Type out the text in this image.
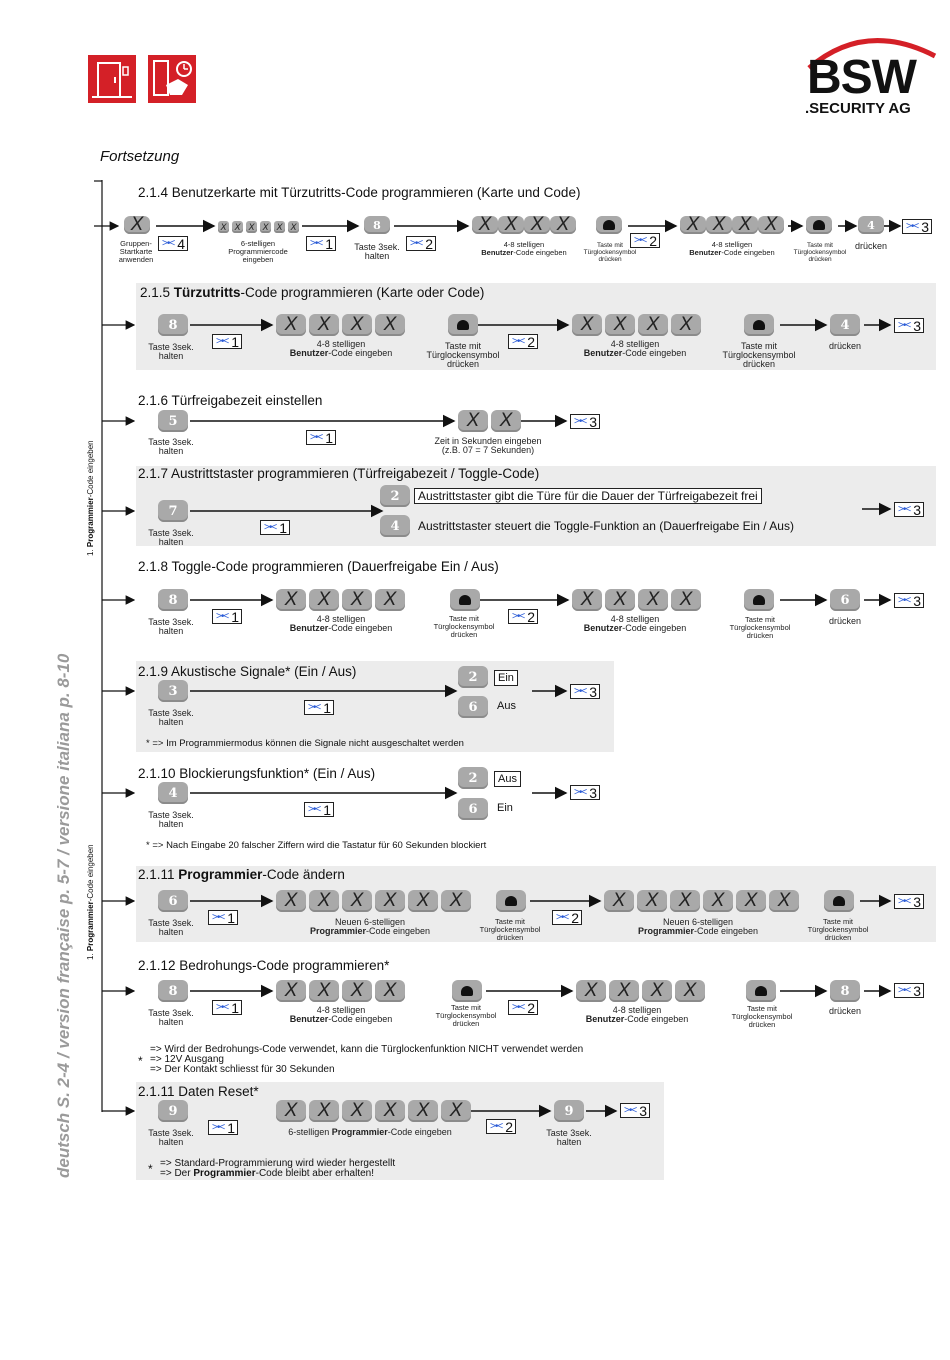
BSW
.SECURITY AG
Fortsetzung
deutsch S. 2-4 / version française p. 5-7 / versione italiana p. 8-10
1. Programmier-Code eingeben
1. Programmier-Code eingeben
2.1.4 Benutzerkarte mit Türzutritts-Code programmieren (Karte und Code)
X
Gruppen-
Startkarte
anwenden
>•< 4
X X X X X X
6-stelligen
Programmiercode
eingeben
>•< 1
8
Taste 3sek.
halten
>•< 2
X X X X
4-8 stelligen
Benutzer-Code eingeben
Taste mit
Türglockensymbol
drücken
>•< 2
X X X X
4-8 stelligen
Benutzer-Code eingeben
Taste mit
Türglockensymbol
drücken
4
drücken
>•< 3
2.1.5 Türzutritts-Code programmieren (Karte oder Code)
8
Taste 3sek.
halten
>•< 1
X	X	X	X
4-8 stelligen
Benutzer-Code eingeben
Taste mit
Türglockensymbol
drücken
>•< 2
X	X	X	X
4-8 stelligen
Benutzer-Code eingeben
Taste mit
Türglockensymbol
drücken
4
drücken
>•< 3
2.1.6 Türfreigabezeit einstellen
5
Taste 3sek.
halten
>•< 1
X	X
Zeit in Sekunden eingeben
(z.B. 07 = 7 Sekunden)
>•< 3
2.1.7 Austrittstaster programmieren (Türfreigabezeit / Toggle-Code)
7
Taste 3sek.
halten
>•< 1
2	Austrittstaster gibt die Türe für die Dauer der Türfreigabezeit frei
4	Austrittstaster steuert die Toggle-Funktion an (Dauerfreigabe Ein / Aus)
>•< 3
2.1.8 Toggle-Code programmieren (Dauerfreigabe Ein / Aus)
8
Taste 3sek.
halten
>•< 1
X	X	X	X
4-8 stelligen
Benutzer-Code eingeben
Taste mit
Türglockensymbol
drücken
>•< 2
X	X	X	X
4-8 stelligen
Benutzer-Code eingeben
Taste mit
Türglockensymbol
drücken
6
drücken
>•< 3
2.1.9 Akustische Signale* (Ein / Aus)
3
Taste 3sek.
halten
>•< 1
2	Ein
6	Aus
>•< 3
* => Im Programmiermodus können die Signale nicht ausgeschaltet werden
2.1.10 Blockierungsfunktion* (Ein / Aus)
4
Taste 3sek.
halten
>•< 1
2	Aus
6	Ein
>•< 3
* => Nach Eingabe 20 falscher Ziffern wird die Tastatur für 60 Sekunden blockiert
2.1.11 Programmier-Code ändern
6
Taste 3sek.
halten
>•< 1
X	X	X	X	X	X
Neuen 6-stelligen
Programmier-Code eingeben
Taste mit
Türglockensymbol
drücken
>•< 2
X	X	X	X	X	X
Neuen 6-stelligen
Programmier-Code eingeben
Taste mit
Türglockensymbol
drücken
>•< 3
2.1.12 Bedrohungs-Code programmieren*
8
Taste 3sek.
halten
>•< 1
X	X	X	X
4-8 stelligen
Benutzer-Code eingeben
Taste mit
Türglockensymbol
drücken
>•< 2
X	X	X	X
4-8 stelligen
Benutzer-Code eingeben
Taste mit
Türglockensymbol
drücken
8
drücken
>•< 3
=> Wird der Bedrohungs-Code verwendet, kann die Türglockenfunktion NICHT verwendet werden
* => 12V Ausgang
=> Der Kontakt schliesst für 30 Sekunden
2.1.11 Daten Reset*
9
Taste 3sek.
halten
>•< 1
X	X	X	X	X	X
6-stelligen Programmier-Code eingeben	>•< 2
9
Taste 3sek.
halten
>•< 3
* => Standard-Programmierung wird wieder hergestellt
=> Der Programmier-Code bleibt aber erhalten!
